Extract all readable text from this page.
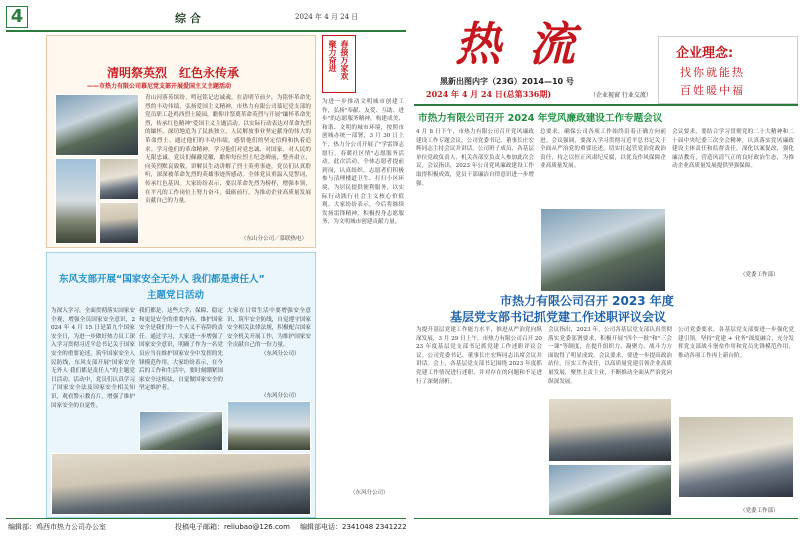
4	综 合	2024 年 4 月 24 日
清明祭英烈　红色永传承
——市热力有限公司慕尼党支部开展爱国主义主题活动
青山河落英缤纷。鸣冠铭记忠诚魂。在清明节前夕，为铭怀革命先烈的丰功伟绩，弘扬爱国主义精神，市热力有限公司慕尼党支部的党员职工赴鸡西烈士陵园，瞻仰并祭奠革命英烈与开展"缅怀革命先烈，传承红色精神"爱国主义主题活动。以实际行动表达对革命先烈的缅怀，深切地追为了民族独立、人民解放事业坚定献身的伟大的革命烈士。通过他们的丰功伟绩，感悟他们的坚定信仰和执着追求。学习他们的革命精神，学习他们对党忠诚、对国家、对人民的无限忠诚。党员们佩戴党徽，瞻仰每位烈士纪念碑前，整齐肃立，向英烈默哀致敬。讲解员生动讲解了烈士英勇事迹，党员们认真聆听，深深被革命先烈的英雄事迹所感动。全体党员重温入党誓词，传承红色基因。大家纷纷表示，要以革命先烈为榜样，增强本领，在平凡的工作岗位上努力奋斗，砥砺前行，为推动企业高质量发展贡献自己的力量。
（东山分公司／慕联热电）
聚力奋进 春接万家欢
为进一步推动文明城市创建工作，弘扬"奉献、友爱、互助、进步"的志愿服务精神，构建成美、和谐、文明的城市环境，按照市创城办统一部署，3 月 30 日上午，热力分公司开展了"学雷锋志愿行，春暖社区情"志愿服务活动。此次活动，全体志愿者提前到岗，认真组织。志愿者们积极参与清理楼道卫生、打扫小区环境，为居民提供便利服务，以实际行动践行社会主义核心价值观。大家纷纷表示，今后将继续发扬雷锋精神，积极投身志愿服务，为文明城市创建贡献力量。
（东风分公司）
东风支部开展“国家安全无外人 我们都是责任人”
主题党日活动
为深入学习，全面贯彻落实国家安全观，增强全员国家安全意识，2024 年 4 月 15 日是第九个国家安全日，为进一步做好热力员工深入学习贯彻习近平总书记关于国家安全的重要论述，筑牢国家安全人民防线，东风支部开展"国家安全无外人 我们都是责任人"的主题党日活动。活动中，党员们认真学习了国家安全法及国家安全相关知识，观看警示教育片，增强了维护国家安全的自觉性。
我们都是，这些大学、保障、稳定和更是安全的重要内容，维护国家安全是我们每一个人义不容辞的责任。通过学习，大家进一步增强了国家安全意识，明确了作为一名党员应当在维护国家安全中发挥的先锋模范作用。大家纷纷表示，在今后的工作和生活中，要时刻绷紧国家安全这根弦，自觉做国家安全的坚定维护者。
大家在日常生活中要增强安全意识，筑牢安全防线，自觉遵守国家安全相关法律法规，积极配合国家安全机关开展工作，为维护国家安全贡献自己的一份力量。
（东风分公司）
（东风分公司）
热 流
黑新出图内字（23G）2014—10 号
2024 年 4 月 24 日(总第336期)	（企业视窗 行业交流）
企业理念:
找你就能热
百姓暖中福
市热力有限公司召开 2024 年党风廉政建设工作专题会议
4 月 8 日下午，市热力有限公司召开党风廉政建设工作专题会议。公司党委书记、董事长庄宏辉同志主持会议并讲话，公司班子成员、各基层单位党政负责人、机关各部室负责人参加此次会议。会议指出，2023 年公司党风廉政建设工作取得积极成效，党员干部廉洁自律意识进一步增强。
总要求，确保公司各项工作始终沿着正确方向前进。会议强调，要深入学习贯彻习近平总书记关于全面从严治党的重要论述，切实扛起管党治党政治责任，持之以恒正风肃纪反腐，以优良作风保障企业高质量发展。
会议要求，要结合学习贯彻党的二十大精神和二十届中央纪委三次全会精神，认真落实党风廉政建设主体责任和监督责任，深化以案促改，强化廉洁教育，营造风清气正的良好政治生态，为推动企业高质量发展提供坚强保障。
（党委工作部）
市热力有限公司召开 2023 年度
基层党支部书记抓党建工作述职评议会议
为提升基层党建工作能力水平，推进从严治党向纵深发展，3 月 29 日上午，市热力有限公司召开 2023 年度基层党支部书记抓党建工作述职评议会议。公司党委书记、董事长庄宏辉同志出席会议并讲话。会上，各基层党支部书记围绕 2023 年度抓党建工作情况进行述职，并对存在的问题和不足进行了深刻剖析。
会议指出，2023 年，公司各基层党支部认真贯彻落实党委部署要求，积极开展"四个一批"和"三会一课"等制度，在提升组织力、凝聚力、战斗力方面取得了明显成效。会议要求，要进一步提高政治站位，压实工作责任，以高质量党建引领企业高质量发展，聚焦主责主业，不断推动全面从严治党向纵深发展。
公司党委要求，各基层党支部要进一步强化党建引领，坚持"党建 + 业务"深度融合，充分发挥党支部战斗堡垒作用和党员先锋模范作用，推动各项工作再上新台阶。
（党委工作部）
编辑部：鸡西市热力公司办公室	投稿电子邮箱：reliubao@126.com 编辑部电话：2341048 2341222
